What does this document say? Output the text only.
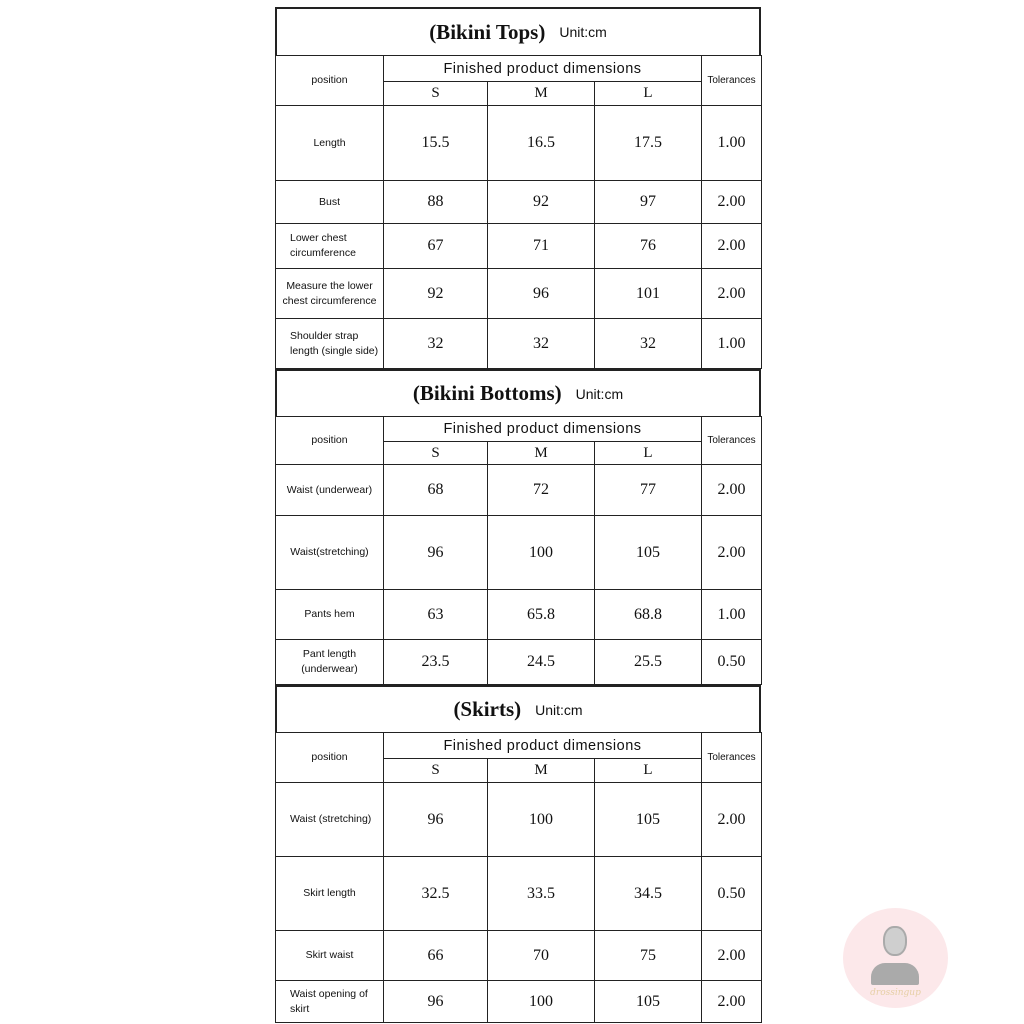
(Bikini Tops) Unit:cm
position	Finished product dimensions			Tolerances
	S	M	L	
Length	15.5	16.5	17.5	1.00
Bust	88	92	97	2.00
Lower chest circumference	67	71	76	2.00
Measure the lower chest circumference	92	96	101	2.00
Shoulder strap length (single side)	32	32	32	1.00
(Bikini Bottoms) Unit:cm
position	Finished product dimensions			Tolerances
	S	M	L	
Waist (underwear)	68	72	77	2.00
Waist(stretching)	96	100	105	2.00
Pants hem	63	65.8	68.8	1.00
Pant length (underwear)	23.5	24.5	25.5	0.50
(Skirts) Unit:cm
position	Finished product dimensions			Tolerances
	S	M	L	
Waist (stretching)	96	100	105	2.00
Skirt length	32.5	33.5	34.5	0.50
Skirt waist	66	70	75	2.00
Waist opening of skirt	96	100	105	2.00	drossingup
